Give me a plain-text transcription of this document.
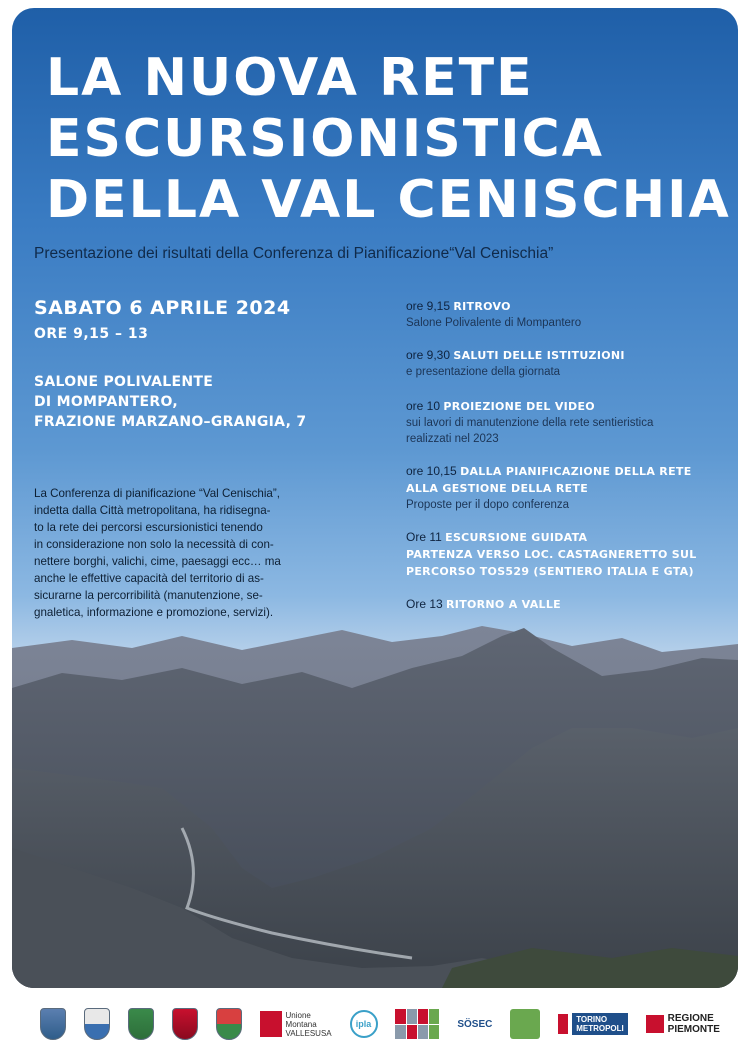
LA NUOVA RETE
ESCURSIONISTICA
DELLA VAL CENISCHIA
Presentazione dei risultati della Conferenza di Pianificazione“Val Cenischia”
SABATO 6 APRILE 2024
ORE 9,15 – 13
SALONE POLIVALENTE
DI MOMPANTERO,
FRAZIONE MARZANO–GRANGIA, 7
La Conferenza di pianificazione “Val Cenischia”,
indetta dalla Città metropolitana, ha ridisegna-
to la rete dei percorsi escursionistici tenendo
in considerazione non solo la necessità di con-
nettere borghi, valichi, cime, paesaggi ecc… ma
anche le effettive capacità del territorio di as-
sicurarne la percorribilità (manutenzione, se-
gnaletica, informazione e promozione, servizi).
ore 9,15 RITROVO
Salone Polivalente di Mompantero
ore 9,30 SALUTI DELLE ISTITUZIONI
e presentazione della giornata
ore 10 PROIEZIONE DEL VIDEO
sui lavori di manutenzione della rete sentieristica
realizzati nel 2023
ore 10,15 DALLA PIANIFICAZIONE DELLA RETE
ALLA GESTIONE DELLA RETE
Proposte per il dopo conferenza
Ore 11 ESCURSIONE GUIDATA
PARTENZA VERSO LOC. CASTAGNERETTO SUL
PERCORSO TOS529 (SENTIERO ITALIA E GTA)
Ore 13 RITORNO A VALLE
Unione
Montana
VALLESUSA
ipla	SÖSEC	TORINO
METROPOLI
REGIONE
PIEMONTE
